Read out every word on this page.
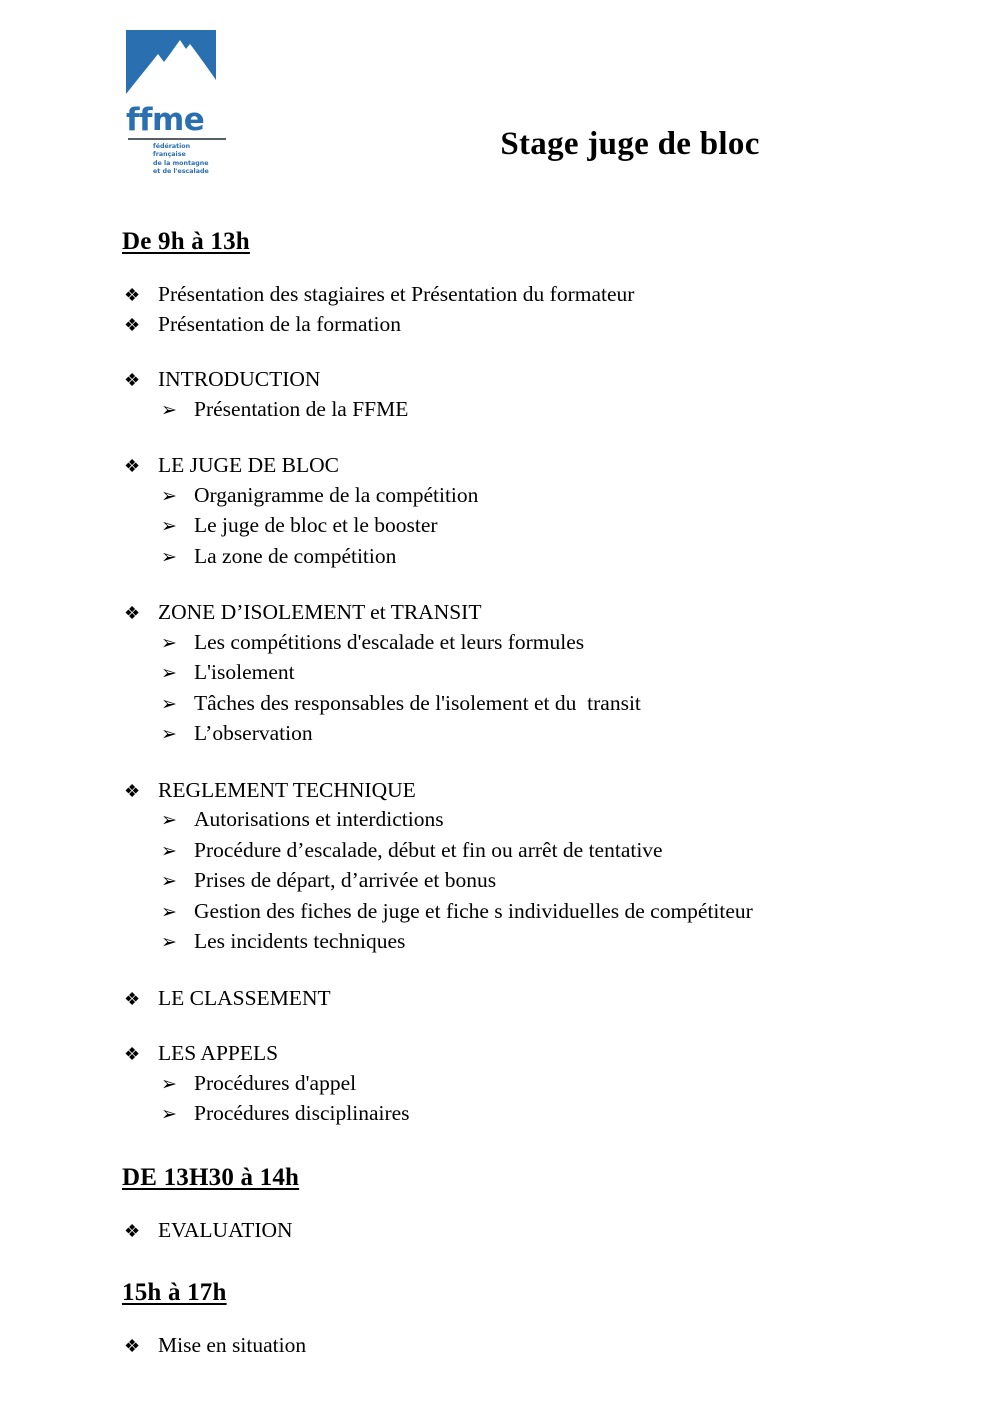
ffme
fédération
française
de la montagne
et de l'escalade
Stage juge de bloc
De 9h à 13h
❖ Présentation des stagiaires et Présentation du formateur
❖ Présentation de la formation
❖ INTRODUCTION
➢ Présentation de la FFME
❖ LE JUGE DE BLOC
➢ Organigramme de la compétition
➢ Le juge de bloc et le booster
➢ La zone de compétition
❖ ZONE D’ISOLEMENT et TRANSIT
➢ Les compétitions d'escalade et leurs formules
➢ L'isolement
➢ Tâches des responsables de l'isolement et du  transit
➢ L’observation
❖ REGLEMENT TECHNIQUE
➢ Autorisations et interdictions
➢ Procédure d’escalade, début et fin ou arrêt de tentative
➢ Prises de départ, d’arrivée et bonus
➢ Gestion des fiches de juge et fiche s individuelles de compétiteur
➢ Les incidents techniques
❖ LE CLASSEMENT
❖ LES APPELS
➢ Procédures d'appel
➢ Procédures disciplinaires
DE 13H30 à 14h
❖ EVALUATION
15h à 17h
❖ Mise en situation
